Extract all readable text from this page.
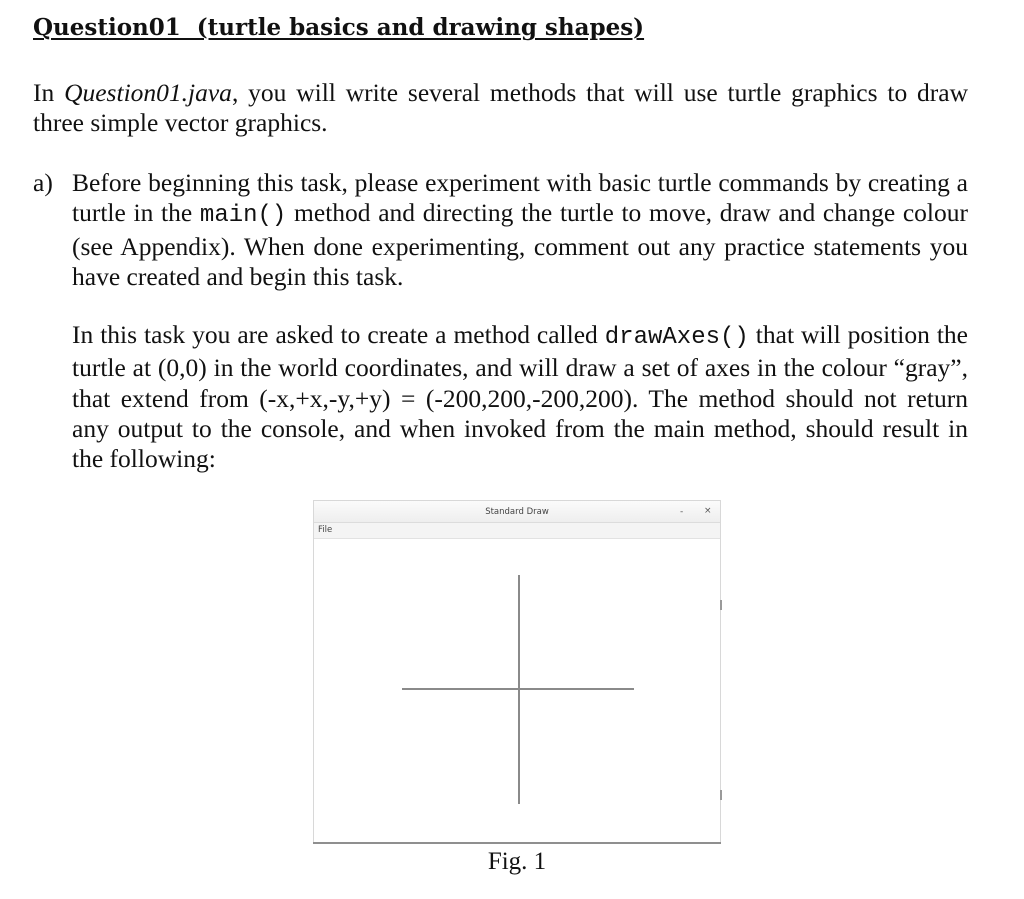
Question01  (turtle basics and drawing shapes)

In Question01.java, you will write several methods that will use turtle graphics to draw three simple vector graphics.

a) Before beginning this task, please experiment with basic turtle commands by creating a turtle in the main() method and directing the turtle to move, draw and change colour (see Appendix). When done experimenting, comment out any practice statements you have created and begin this task.

In this task you are asked to create a method called drawAxes() that will position the turtle at (0,0) in the world coordinates, and will draw a set of axes in the colour “gray”, that extend from (-x,+x,-y,+y) = (-200,200,-200,200). The method should not return any output to the console, and when invoked from the main method, should result in the following:

Standard Draw	- ×
File

Fig. 1
